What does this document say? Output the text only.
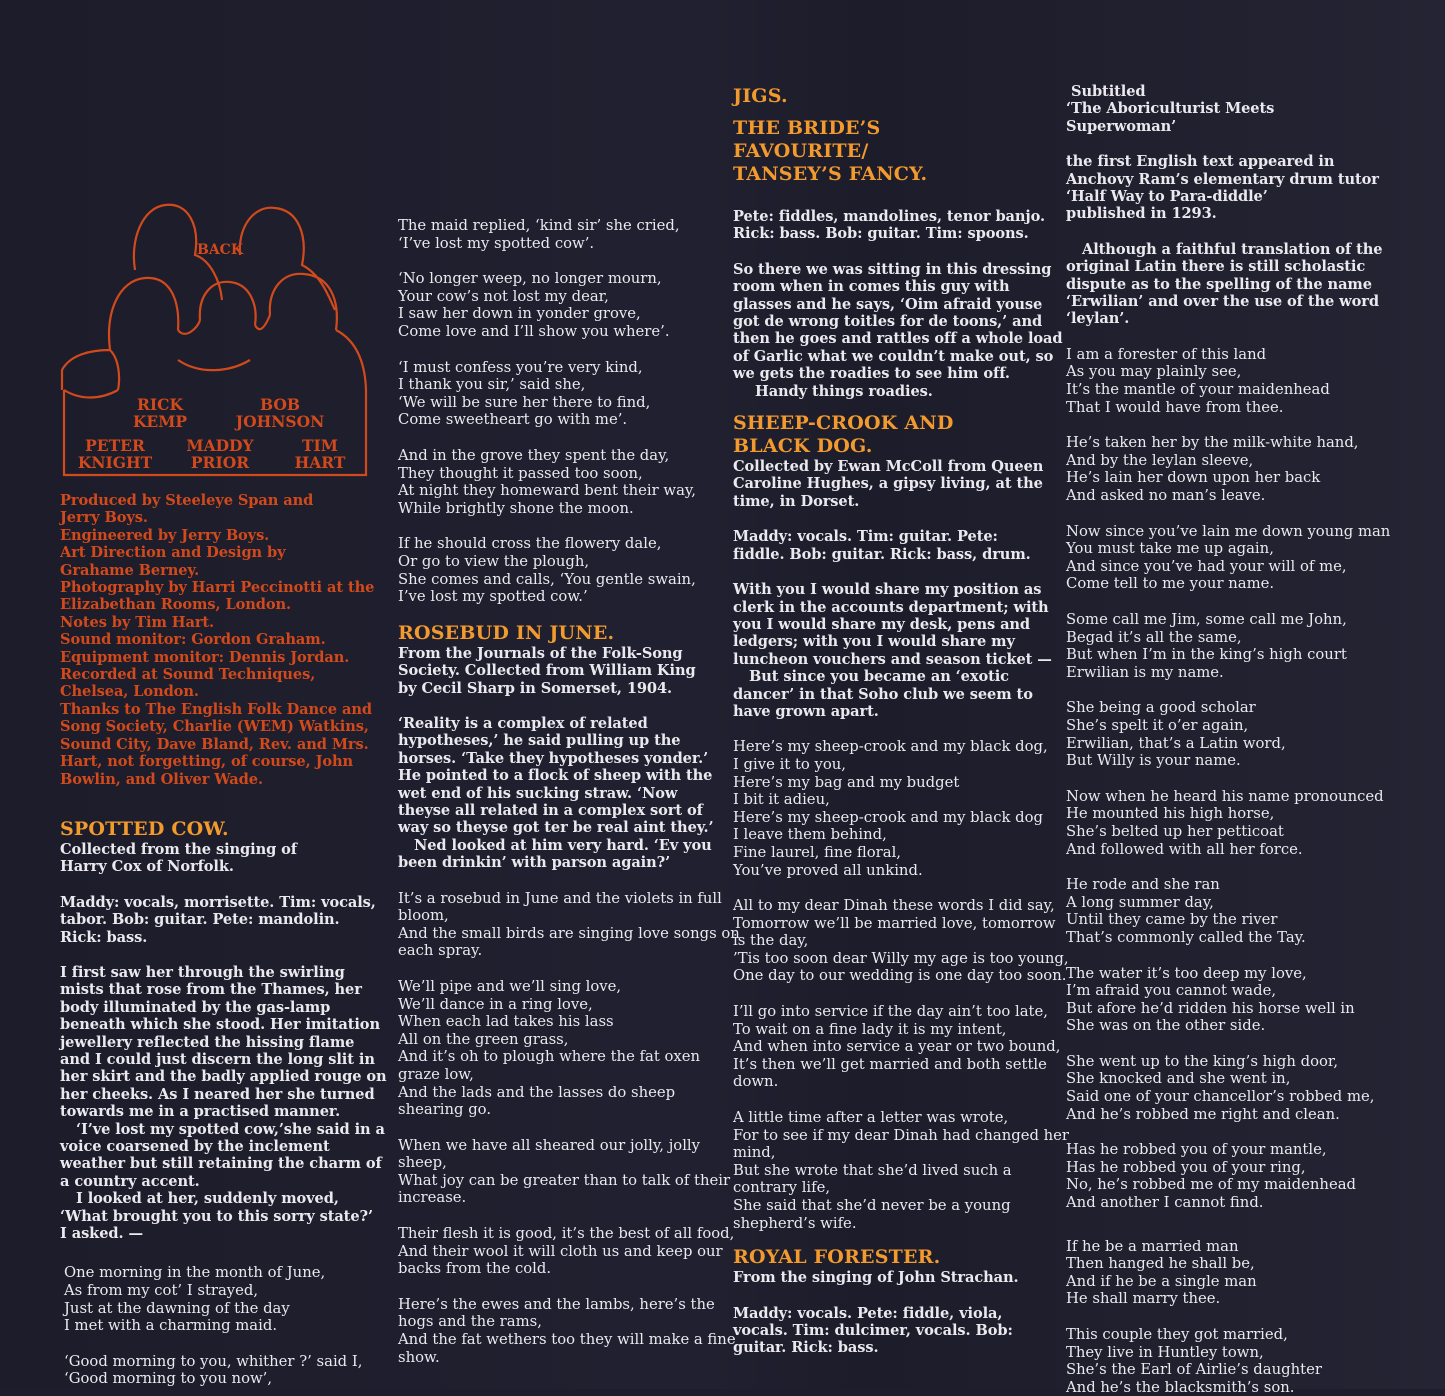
BACK
RICK
KEMP
BOB
JOHNSON
PETER
KNIGHT
MADDY
PRIOR
TIM
HART
Produced by Steeleye Span and
Jerry Boys.
Engineered by Jerry Boys.
Art Direction and Design by
Grahame Berney.
Photography by Harri Peccinotti at the
Elizabethan Rooms, London.
Notes by Tim Hart.
Sound monitor: Gordon Graham.
Equipment monitor: Dennis Jordan.
Recorded at Sound Techniques,
Chelsea, London.
Thanks to The English Folk Dance and
Song Society, Charlie (WEM) Watkins,
Sound City, Dave Bland, Rev. and Mrs.
Hart, not forgetting, of course, John
Bowlin, and Oliver Wade.
SPOTTED COW.
Collected from the singing of
Harry Cox of Norfolk.
Maddy: vocals, morrisette. Tim: vocals,
tabor. Bob: guitar. Pete: mandolin.
Rick: bass.
I first saw her through the swirling
mists that rose from the Thames, her
body illuminated by the gas-lamp
beneath which she stood. Her imitation
jewellery reflected the hissing flame
and I could just discern the long slit in
her skirt and the badly applied rouge
her cheeks. As I neared her she turned
towards me in a practised manner.
‘I’ve lost my spotted cow,’she said in a
voice coarsened by the inclement
weather but still retaining the charm of
a country accent.
I looked at her, suddenly moved,
‘What brought you to this sorry state?’
I asked. —
One morning in the month of June,
As from my cot’ I strayed,
Just at the dawning of the day
I met with a charming maid.
‘Good morning to you, whither ?’ said I,
‘Good morning to you now’,
The maid replied, ‘kind sir’ she cried,
‘I’ve lost my spotted cow’.
‘No longer weep, no longer mourn,
Your cow’s not lost my dear,
I saw her down in yonder grove,
Come love and I’ll show you where’.
‘I must confess you’re very kind,
I thank you sir,’ said she,
‘We will be sure her there to find,
Come sweetheart go with me’.
And in the grove they spent the day,
They thought it passed too soon,
At night they homeward bent their way,
While brightly shone the moon.
If he should cross the flowery dale,
Or go to view the plough,
She comes and calls, ‘You gentle swain,
I’ve lost my spotted cow.’
ROSEBUD IN JUNE.
From the Journals of the Folk-Song
Society. Collected from William King
by Cecil Sharp in Somerset, 1904.
‘Reality is a complex of related
hypotheses,’ he said pulling up the
horses. ‘Take they hypotheses yonder.’
He pointed to a flock of sheep with the
wet end of his sucking straw. ‘Now
theyse all related in a complex sort of
way so theyse got ter be real aint they.’
Ned looked at him very hard. ‘Ev you
been drinkin’ with parson again?’
It’s a rosebud in June and the violets in full
bloom,
And the small birds are singing love songs
each spray.
We’ll pipe and we’ll sing love,
We’ll dance in a ring love,
When each lad takes his lass
All on the green grass,
And it’s oh to plough where the fat oxen
graze low,
And the lads and the lasses do sheep
shearing go.
When we have all sheared our jolly, jolly
sheep,
What joy can be greater than to talk of
increase.
Their flesh it is good, it’s the best of all
And their wool it will cloth us and keep our
backs from the cold.
Here’s the ewes and the lambs, here’s the
hogs and the rams,
And the fat wethers too they will make a
show.
JIGS.
THE BRIDE’S
FAVOURITE/
TANSEY’S FANCY.
Pete: fiddles, mandolines, tenor banjo.
Rick: bass. Bob: guitar. Tim: spoons.
So there we was sitting in this dressing
room when in comes this guy with
glasses and he says, ‘Oim afraid youse
got de wrong toitles for de toons,’ and
then he goes and rattles off a whole
of Garlic what we couldn’t make out,
we gets the roadies to see him off.
Handy things roadies.
SHEEP-CROOK AND
BLACK DOG.
Collected by Ewan McColl from Queen
Caroline Hughes, a gipsy living, at the
time, in Dorset.
Maddy: vocals. Tim: guitar. Pete:
fiddle. Bob: guitar. Rick: bass, drum.
With you I would share my position as
clerk in the accounts department; with
you I would share my desk, pens and
ledgers; with you I would share my
luncheon vouchers and season ticket
But since you became an ‘exotic
dancer’ in that Soho club we seem to
have grown apart.
Here’s my sheep-crook and my black dog,
I give it to you,
Here’s my bag and my budget
I bit it adieu,
Here’s my sheep-crook and my black dog
I leave them behind,
Fine laurel, fine floral,
You’ve proved all unkind.
All to my dear Dinah these words I did say,
Tomorrow we’ll be married love, tomorrow
is the day,
’Tis too soon dear Willy my age is too
One day to our wedding is one day too
I’ll go into service if the day ain’t too late,
To wait on a fine lady it is my intent,
And when into service a year or two bound,
It’s then we’ll get married and both settle
down.
A little time after a letter was wrote,
For to see if my dear Dinah had changed
mind,
But she wrote that she’d lived such a
contrary life,
She said that she’d never be a young
shepherd’s wife.
ROYAL FORESTER.
From the singing of John Strachan.
Maddy: vocals. Pete: fiddle, viola,
vocals. Tim: dulcimer, vocals. Bob:
guitar. Rick: bass.
Subtitled
‘The Aboriculturist Meets Superwoman’
the first English text appeared in
Anchovy Ram’s elementary drum tutor
‘Half Way to Para-diddle’
published in 1293.
Although a faithful translation of the
original Latin there is still scholastic
dispute as to the spelling of the name
‘Erwilian’ and over the use of the word
‘leylan’.
I am a forester of this land
As you may plainly see,
It’s the mantle of your maidenhead
That I would have from thee.
He’s taken her by the milk-white hand,
And by the leylan sleeve,
He’s lain her down upon her back
And asked no man’s leave.
Now since you’ve lain me down young
You must take me up again,
And since you’ve had your will of me,
Come tell to me your name.
Some call me Jim, some call me John,
Begad it’s all the same,
But when I’m in the king’s high court
Erwilian is my name.
She being a good scholar
She’s spelt it o’er again,
Erwilian, that’s a Latin word,
But Willy is your name.
Now when he heard his name pronounced
He mounted his high horse,
She’s belted up her petticoat
And followed with all her force.
He rode and she ran
A long summer day,
Until they came by the river
That’s commonly called the Tay.
The water it’s too deep my love,
I’m afraid you cannot wade,
But afore he’d ridden his horse well in
She was on the other side.
She went up to the king’s high door,
She knocked and she went in,
Said one of your chancellor’s robbed me,
And he’s robbed me right and clean.
Has he robbed you of your mantle,
Has he robbed you of your ring,
No, he’s robbed me of my maidenhead
And another I cannot find.
If he be a married man
Then hanged he shall be,
And if he be a single man
He shall marry thee.
This couple they got married,
They live in Huntley town,
She’s the Earl of Airlie’s daughter
And he’s the blacksmith’s son.
